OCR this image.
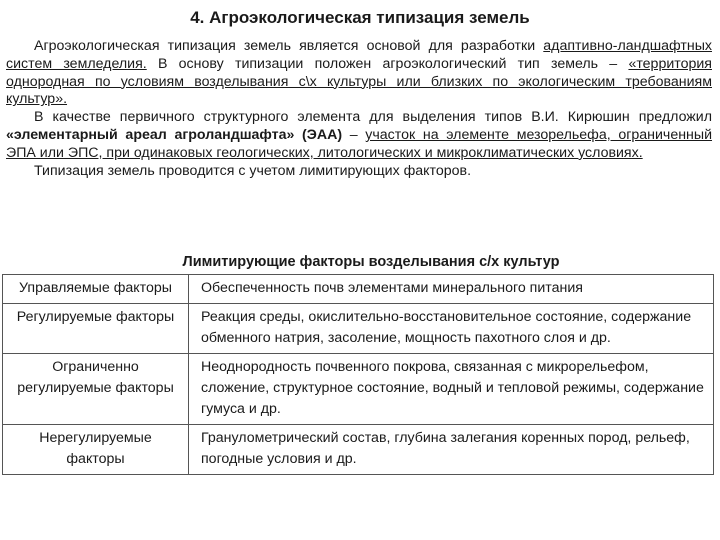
4. Агроэкологическая типизация земель

Агроэкологическая типизация земель является основой для разработки адаптивно-ландшафтных систем земледелия. В основу типизации положен агроэкологический тип земель – «территория однородная по условиям возделывания с\х культуры или близких по экологическим требованиям культур».

В качестве первичного структурного элемента для выделения типов В.И. Кирюшин предложил «элементарный ареал агроландшафта» (ЭАА) – участок на элементе мезорельефа, ограниченный ЭПА или ЭПС, при одинаковых геологических, литологических и микроклиматических условиях.

Типизация земель проводится с учетом лимитирующих факторов.

Лимитирующие факторы возделывания с/х культур
Управляемые факторы	Обеспеченность почв элементами минерального питания
Регулируемые факторы	Реакция среды, окислительно-восстановительное состояние, содержание обменного натрия, засоление, мощность пахотного слоя и др.
Ограниченно регулируемые факторы	Неоднородность почвенного покрова, связанная с микрорельефом, сложение, структурное состояние, водный и тепловой режимы, содержание гумуса и др.
Нерегулируемые факторы	Гранулометрический состав, глубина залегания коренных пород, рельеф, погодные условия и др.
